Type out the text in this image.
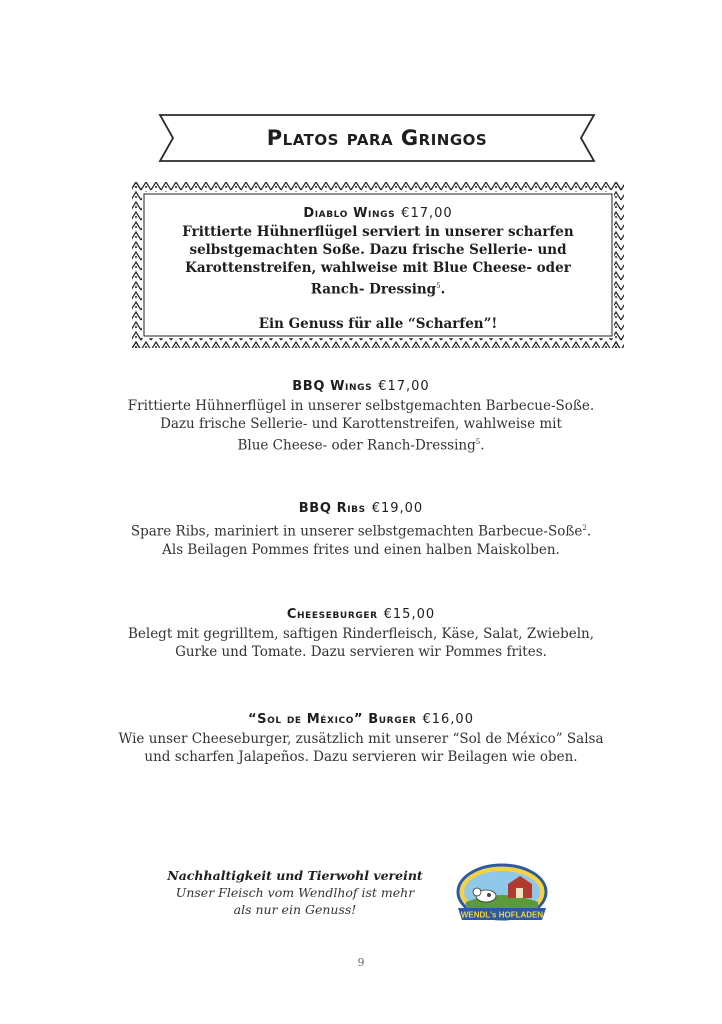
Platos para Gringos
Diablo Wings €17,00
Frittierte Hühnerflügel serviert in unserer scharfen
selbstgemachten Soße. Dazu frische Sellerie- und
Karottenstreifen, wahlweise mit Blue Cheese- oder
Ranch- Dressing$^5$.
Ein Genuss für alle “Scharfen”!
BBQ Wings €17,00
Frittierte Hühnerflügel in unserer selbstgemachten Barbecue-Soße.
Dazu frische Sellerie- und Karottenstreifen, wahlweise mit
Blue Cheese- oder Ranch-Dressing$^5$.
BBQ Ribs €19,00
Spare Ribs, mariniert in unserer selbstgemachten Barbecue-Soße$^2$.
Als Beilagen Pommes frites und einen halben Maiskolben.
Cheeseburger €15,00
Belegt mit gegrilltem, saftigen Rinderfleisch, Käse, Salat, Zwiebeln,
Gurke und Tomate. Dazu servieren wir Pommes frites.
“Sol de México” Burger €16,00
Wie unser Cheeseburger, zusätzlich mit unserer “Sol de México” Salsa
und scharfen Jalapeños. Dazu servieren wir Beilagen wie oben.
Nachhaltigkeit und Tierwohl vereint
Unser Fleisch vom Wendlhof ist mehr
als nur ein Genuss!	WENDL's HOFLADEN
9
